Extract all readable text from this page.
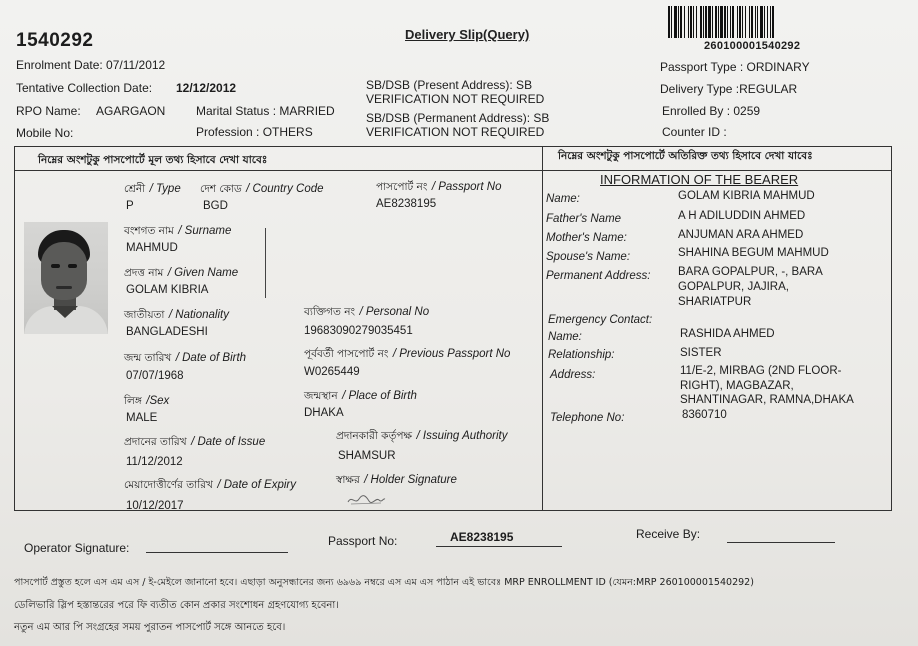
1540292	Delivery Slip(Query)
260100001540292
Enrolment Date: 07/11/2012
Tentative Collection Date: 12/12/2012
RPO Name: AGARGAON
Mobile No:
Marital Status : MARRIED
Profession : OTHERS
SB/DSB (Present Address): SB
VERIFICATION NOT REQUIRED
SB/DSB (Permanent Address): SB
VERIFICATION NOT REQUIRED
Passport Type : ORDINARY
Delivery Type :REGULAR
Enrolled By : 0259
Counter ID :
নিম্নের অংশটুকু পাসপোর্টে মূল তথ্য হিসাবে দেখা যাবেঃ
শ্রেনী / Type দেশ কোড / Country Code	পাসপোর্ট নং / Passport No
P	BGD	AE8238195
বংশগত নাম / Surname
MAHMUD
প্রদত্ত নাম / Given Name
GOLAM KIBRIA
জাতীয়তা / Nationality	ব্যক্তিগত নং / Personal No
BANGLADESHI	19683090279035451
জন্ম তারিখ / Date of Birth	পূর্ববর্তী পাসপোর্ট নং / Previous Passport No
07/07/1968	W0265449
লিঙ্গ /Sex	জন্মস্থান / Place of Birth
MALE	DHAKA
প্রদানের তারিখ / Date of Issue	প্রদানকারী কর্তৃপক্ষ / Issuing Authority
11/12/2012	SHAMSUR
মেয়াদোত্তীর্ণের তারিখ / Date of Expiry	স্বাক্ষর / Holder Signature
10/12/2017
নিম্নের অংশটুকু পাসপোর্টে অতিরিক্ত তথ্য হিসাবে দেখা যাবেঃ
INFORMATION OF THE BEARER
Name:	GOLAM KIBRIA MAHMUD
Father's Name	A H ADILUDDIN AHMED
Mother's Name:	ANJUMAN ARA AHMED
Spouse's Name:	SHAHINA BEGUM MAHMUD
Permanent Address: BARA GOPALPUR, -, BARA
GOPALPUR, JAJIRA,
SHARIATPUR
Emergency Contact:
Name:	RASHIDA AHMED
Relationship:	SISTER
Address:	11/E-2, MIRBAG (2ND FLOOR-
RIGHT), MAGBAZAR,
SHANTINAGAR, RAMNA,DHAKA
Telephone No:	8360710
Operator Signature:	Passport No:	AE8238195	Receive By:
পাসপোর্ট প্রস্তুত হলে এস এম এস / ই-মেইলে জানানো হবে। এছাড়া অনুসন্ধানের জন্য ৬৯৬৯ নম্বরে এস এম এস পাঠান এই ভাবেঃ MRP ENROLLMENT ID (যেমন:MRP 260100001540292)
ডেলিভারি স্লিপ হস্তান্তরের পরে ফি ব্যতীত কোন প্রকার সংশোধন গ্রহণযোগ্য হবেনা।
নতুন এম আর পি সংগ্রহের সময় পুরাতন পাসপোর্ট সঙ্গে আনতে হবে।
